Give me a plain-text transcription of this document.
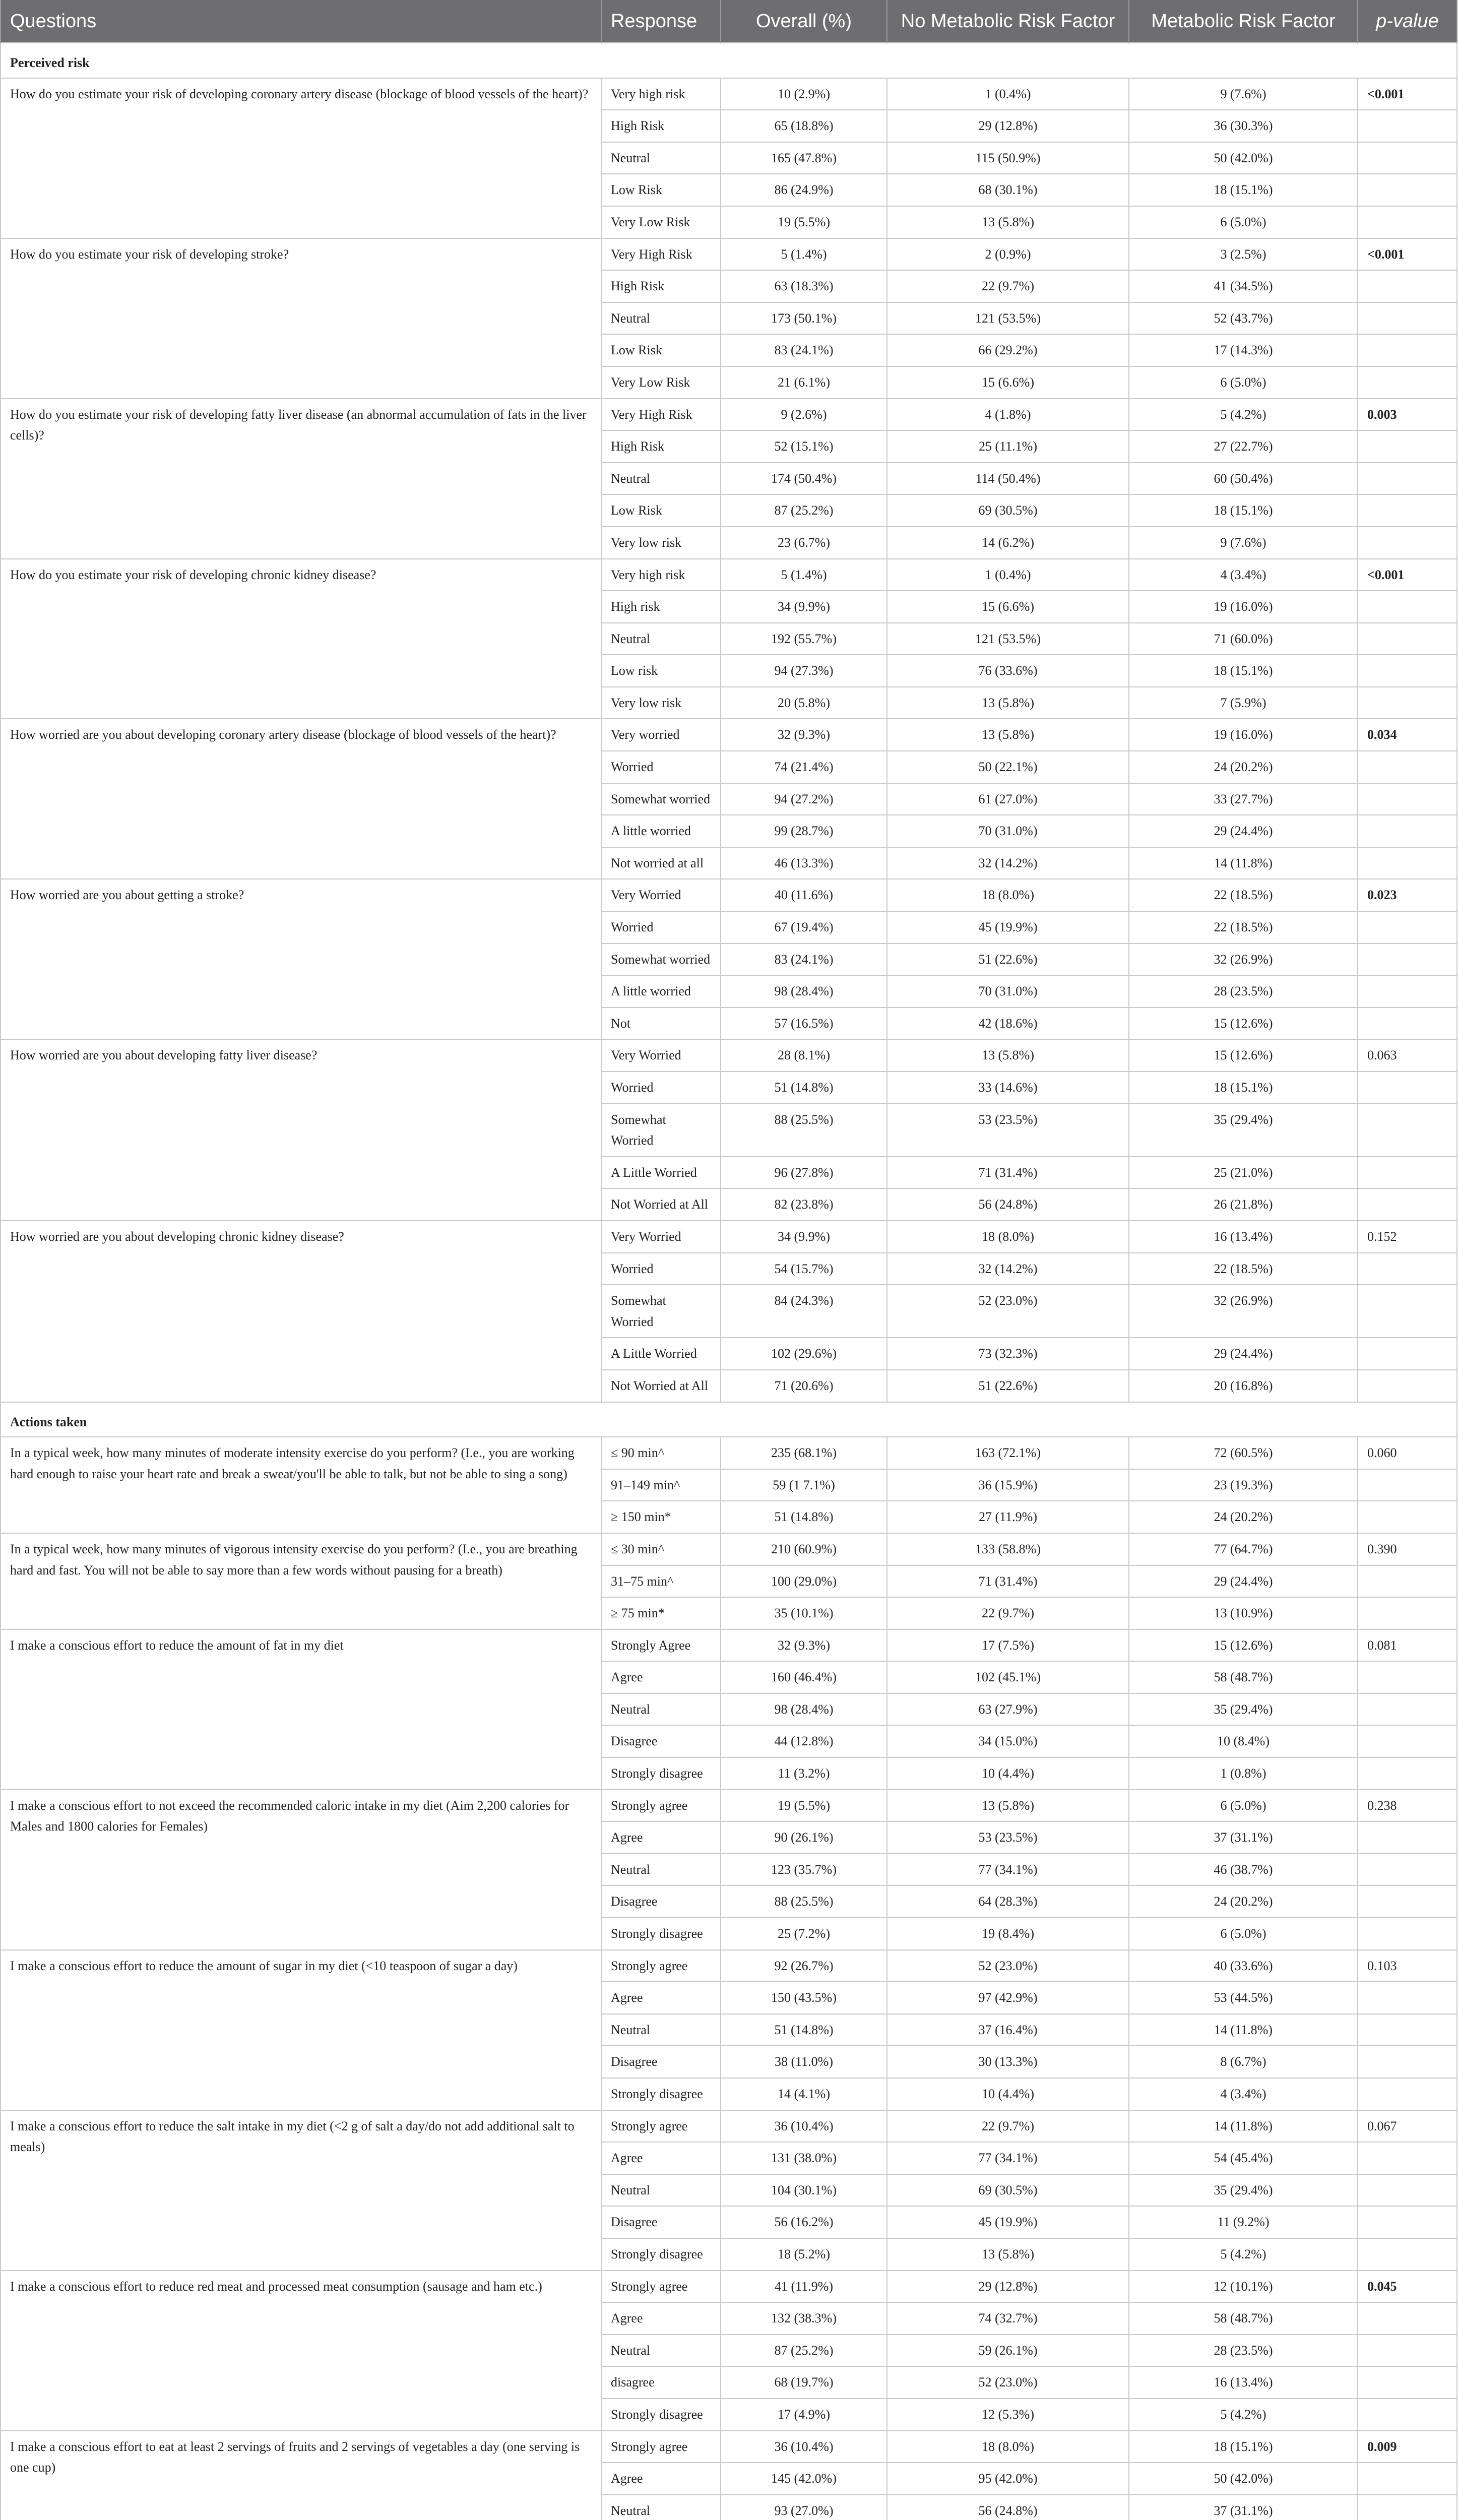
Questions	Response	Overall (%)	No Metabolic Risk Factor	Metabolic Risk Factor	p-value
Perceived risk					
How do you estimate your risk of developing coronary artery disease (blockage of blood vessels of the heart)?	Very high risk	10 (2.9%)	1 (0.4%)	9 (7.6%)	<0.001
	High Risk	65 (18.8%)	29 (12.8%)	36 (30.3%)	
	Neutral	165 (47.8%)	115 (50.9%)	50 (42.0%)	
	Low Risk	86 (24.9%)	68 (30.1%)	18 (15.1%)	
	Very Low Risk	19 (5.5%)	13 (5.8%)	6 (5.0%)	
How do you estimate your risk of developing stroke?	Very High Risk	5 (1.4%)	2 (0.9%)	3 (2.5%)	<0.001
	High Risk	63 (18.3%)	22 (9.7%)	41 (34.5%)	
	Neutral	173 (50.1%)	121 (53.5%)	52 (43.7%)	
	Low Risk	83 (24.1%)	66 (29.2%)	17 (14.3%)	
	Very Low Risk	21 (6.1%)	15 (6.6%)	6 (5.0%)	
How do you estimate your risk of developing fatty liver disease (an abnormal accumulation of fats in the liver cells)?	Very High Risk	9 (2.6%)	4 (1.8%)	5 (4.2%)	0.003
	High Risk	52 (15.1%)	25 (11.1%)	27 (22.7%)	
	Neutral	174 (50.4%)	114 (50.4%)	60 (50.4%)	
	Low Risk	87 (25.2%)	69 (30.5%)	18 (15.1%)	
	Very low risk	23 (6.7%)	14 (6.2%)	9 (7.6%)	
How do you estimate your risk of developing chronic kidney disease?	Very high risk	5 (1.4%)	1 (0.4%)	4 (3.4%)	<0.001
	High risk	34 (9.9%)	15 (6.6%)	19 (16.0%)	
	Neutral	192 (55.7%)	121 (53.5%)	71 (60.0%)	
	Low risk	94 (27.3%)	76 (33.6%)	18 (15.1%)	
	Very low risk	20 (5.8%)	13 (5.8%)	7 (5.9%)	
How worried are you about developing coronary artery disease (blockage of blood vessels of the heart)?	Very worried	32 (9.3%)	13 (5.8%)	19 (16.0%)	0.034
	Worried	74 (21.4%)	50 (22.1%)	24 (20.2%)	
	Somewhat worried	94 (27.2%)	61 (27.0%)	33 (27.7%)	
	A little worried	99 (28.7%)	70 (31.0%)	29 (24.4%)	
	Not worried at all	46 (13.3%)	32 (14.2%)	14 (11.8%)	
How worried are you about getting a stroke?	Very Worried	40 (11.6%)	18 (8.0%)	22 (18.5%)	0.023
	Worried	67 (19.4%)	45 (19.9%)	22 (18.5%)	
	Somewhat worried	83 (24.1%)	51 (22.6%)	32 (26.9%)	
	A little worried	98 (28.4%)	70 (31.0%)	28 (23.5%)	
	Not	57 (16.5%)	42 (18.6%)	15 (12.6%)	
How worried are you about developing fatty liver disease?	Very Worried	28 (8.1%)	13 (5.8%)	15 (12.6%)	0.063
	Worried	51 (14.8%)	33 (14.6%)	18 (15.1%)	
	Somewhat Worried	88 (25.5%)	53 (23.5%)	35 (29.4%)	
	A Little Worried	96 (27.8%)	71 (31.4%)	25 (21.0%)	
	Not Worried at All	82 (23.8%)	56 (24.8%)	26 (21.8%)	
How worried are you about developing chronic kidney disease?	Very Worried	34 (9.9%)	18 (8.0%)	16 (13.4%)	0.152
	Worried	54 (15.7%)	32 (14.2%)	22 (18.5%)	
	Somewhat Worried	84 (24.3%)	52 (23.0%)	32 (26.9%)	
	A Little Worried	102 (29.6%)	73 (32.3%)	29 (24.4%)	
	Not Worried at All	71 (20.6%)	51 (22.6%)	20 (16.8%)	
Actions taken					
In a typical week, how many minutes of moderate intensity exercise do you perform? (I.e., you are working hard enough to raise your heart rate and break a sweat/you'll be able to talk, but not be able to sing a song)	≤ 90 min^	235 (68.1%)	163 (72.1%)	72 (60.5%)	0.060
	91–149 min^	59 (1 7.1%)	36 (15.9%)	23 (19.3%)	
	≥ 150 min*	51 (14.8%)	27 (11.9%)	24 (20.2%)	
In a typical week, how many minutes of vigorous intensity exercise do you perform? (I.e., you are breathing hard and fast. You will not be able to say more than a few words without pausing for a breath)	≤ 30 min^	210 (60.9%)	133 (58.8%)	77 (64.7%)	0.390
	31–75 min^	100 (29.0%)	71 (31.4%)	29 (24.4%)	
	≥ 75 min*	35 (10.1%)	22 (9.7%)	13 (10.9%)	
I make a conscious effort to reduce the amount of fat in my diet	Strongly Agree	32 (9.3%)	17 (7.5%)	15 (12.6%)	0.081
	Agree	160 (46.4%)	102 (45.1%)	58 (48.7%)	
	Neutral	98 (28.4%)	63 (27.9%)	35 (29.4%)	
	Disagree	44 (12.8%)	34 (15.0%)	10 (8.4%)	
	Strongly disagree	11 (3.2%)	10 (4.4%)	1 (0.8%)	
I make a conscious effort to not exceed the recommended caloric intake in my diet (Aim 2,200 calories for Males and 1800 calories for Females)	Strongly agree	19 (5.5%)	13 (5.8%)	6 (5.0%)	0.238
	Agree	90 (26.1%)	53 (23.5%)	37 (31.1%)	
	Neutral	123 (35.7%)	77 (34.1%)	46 (38.7%)	
	Disagree	88 (25.5%)	64 (28.3%)	24 (20.2%)	
	Strongly disagree	25 (7.2%)	19 (8.4%)	6 (5.0%)	
I make a conscious effort to reduce the amount of sugar in my diet (<10 teaspoon of sugar a day)	Strongly agree	92 (26.7%)	52 (23.0%)	40 (33.6%)	0.103
	Agree	150 (43.5%)	97 (42.9%)	53 (44.5%)	
	Neutral	51 (14.8%)	37 (16.4%)	14 (11.8%)	
	Disagree	38 (11.0%)	30 (13.3%)	8 (6.7%)	
	Strongly disagree	14 (4.1%)	10 (4.4%)	4 (3.4%)	
I make a conscious effort to reduce the salt intake in my diet (<2 g of salt a day/do not add additional salt to meals)	Strongly agree	36 (10.4%)	22 (9.7%)	14 (11.8%)	0.067
	Agree	131 (38.0%)	77 (34.1%)	54 (45.4%)	
	Neutral	104 (30.1%)	69 (30.5%)	35 (29.4%)	
	Disagree	56 (16.2%)	45 (19.9%)	11 (9.2%)	
	Strongly disagree	18 (5.2%)	13 (5.8%)	5 (4.2%)	
I make a conscious effort to reduce red meat and processed meat consumption (sausage and ham etc.)	Strongly agree	41 (11.9%)	29 (12.8%)	12 (10.1%)	0.045
	Agree	132 (38.3%)	74 (32.7%)	58 (48.7%)	
	Neutral	87 (25.2%)	59 (26.1%)	28 (23.5%)	
	disagree	68 (19.7%)	52 (23.0%)	16 (13.4%)	
	Strongly disagree	17 (4.9%)	12 (5.3%)	5 (4.2%)	
I make a conscious effort to eat at least 2 servings of fruits and 2 servings of vegetables a day (one serving is one cup)	Strongly agree	36 (10.4%)	18 (8.0%)	18 (15.1%)	0.009
	Agree	145 (42.0%)	95 (42.0%)	50 (42.0%)	
	Neutral	93 (27.0%)	56 (24.8%)	37 (31.1%)	
